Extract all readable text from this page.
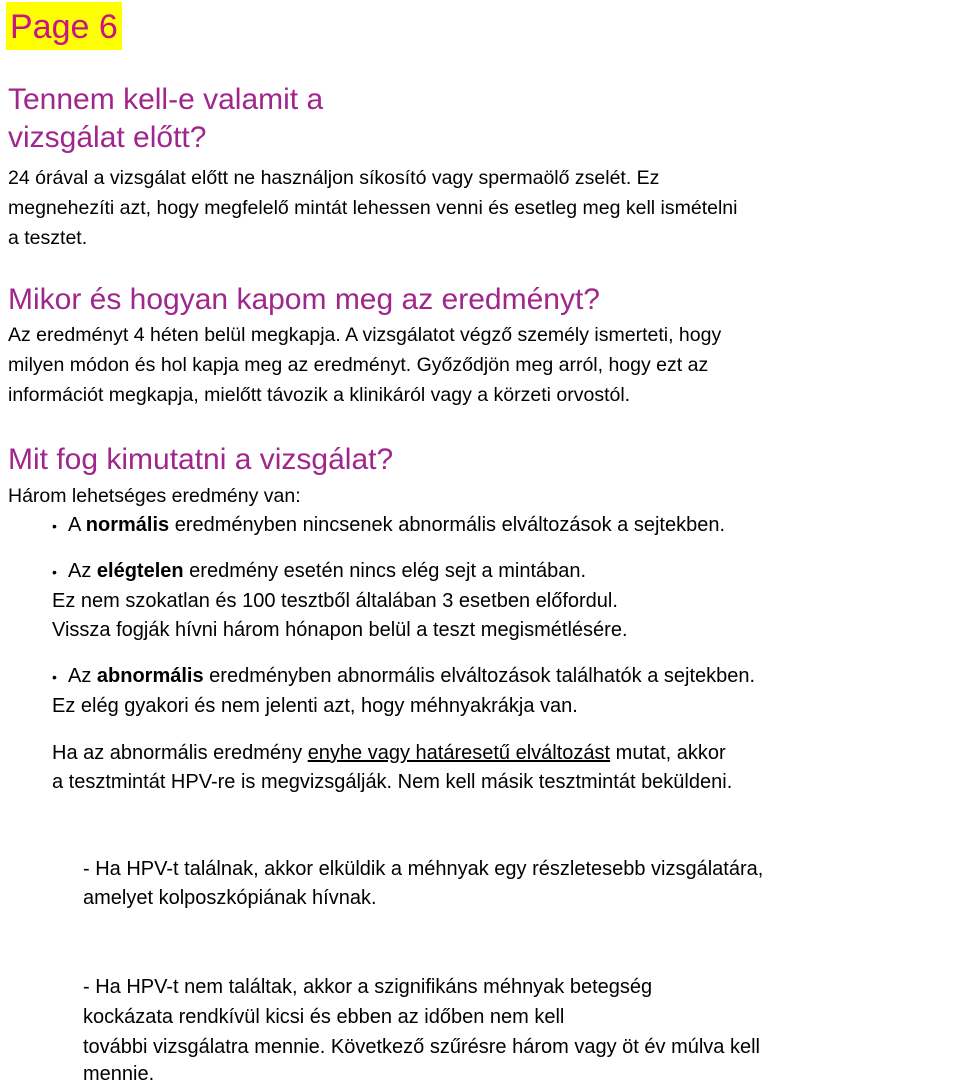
Page 6
Tennem kell-e valamit a
vizsgálat előtt?
24 órával a vizsgálat előtt ne használjon síkosító vagy spermaölő zselét. Ez
megnehezíti azt, hogy megfelelő mintát lehessen venni és esetleg meg kell ismételni
a tesztet.
Mikor és hogyan kapom meg az eredményt?
Az eredményt 4 héten belül megkapja. A vizsgálatot végző személy ismerteti, hogy
milyen módon és hol kapja meg az eredményt. Győződjön meg arról, hogy ezt az
információt megkapja, mielőtt távozik a klinikáról vagy a körzeti orvostól.
Mit fog kimutatni a vizsgálat?
Három lehetséges eredmény van:
• A normális eredményben nincsenek abnormális elváltozások a sejtekben.
• Az elégtelen eredmény esetén nincs elég sejt a mintában.
Ez nem szokatlan és 100 tesztből általában 3 esetben előfordul.
Vissza fogják hívni három hónapon belül a teszt megismétlésére.
• Az abnormális eredményben abnormális elváltozások találhatók a sejtekben.
Ez elég gyakori és nem jelenti azt, hogy méhnyakrákja van.
Ha az abnormális eredmény enyhe vagy határesetű elváltozást mutat, akkor
a tesztmintát HPV-re is megvizsgálják. Nem kell másik tesztmintát beküldeni.
- Ha HPV-t találnak, akkor elküldik a méhnyak egy részletesebb vizsgálatára,
amelyet kolposzkópiának hívnak.
- Ha HPV-t nem találtak, akkor a szignifikáns méhnyak betegség
kockázata rendkívül kicsi és ebben az időben nem kell
további vizsgálatra mennie. Következő szűrésre három vagy öt év múlva kell
mennie.
